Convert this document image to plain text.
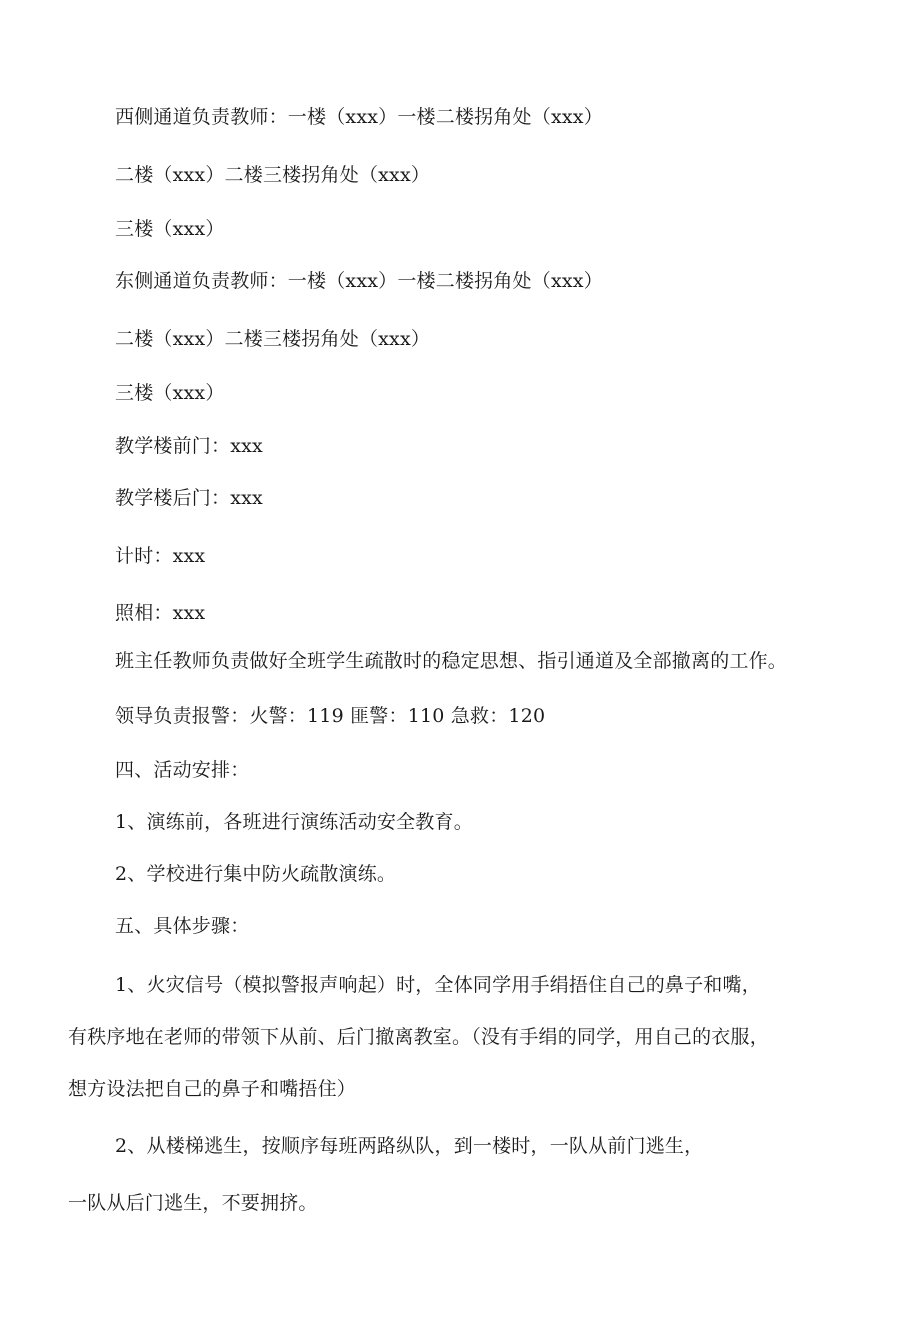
西侧通道负责教师：一楼（xxx）一楼二楼拐角处（xxx）
二楼（xxx）二楼三楼拐角处（xxx）
三楼（xxx）
东侧通道负责教师：一楼（xxx）一楼二楼拐角处（xxx）
二楼（xxx）二楼三楼拐角处（xxx）
三楼（xxx）
教学楼前门：xxx
教学楼后门：xxx
计时：xxx
照相：xxx
班主任教师负责做好全班学生疏散时的稳定思想、指引通道及全部撤离的工作。
领导负责报警：火警：119 匪警：110 急救：120
四、活动安排：
1、演练前，各班进行演练活动安全教育。
2、学校进行集中防火疏散演练。
五、具体步骤：
1、火灾信号（模拟警报声响起）时，全体同学用手绢捂住自己的鼻子和嘴，
有秩序地在老师的带领下从前、后门撤离教室。（没有手绢的同学，用自己的衣服，
想方设法把自己的鼻子和嘴捂住）
2、从楼梯逃生，按顺序每班两路纵队，到一楼时，一队从前门逃生，
一队从后门逃生，不要拥挤。
